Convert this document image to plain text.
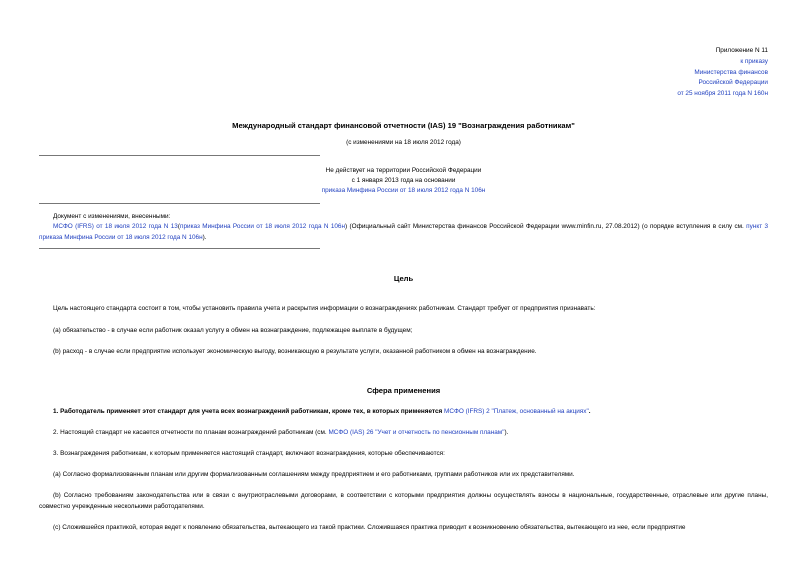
Приложение N 11
к приказу
Министерства финансов
Российской Федерации
от 25 ноября 2011 года N 160н
Международный стандарт финансовой отчетности (IAS) 19 "Вознаграждения работникам"
(с изменениями на 18 июля 2012 года)
Не действует на территории Российской Федерации
с 1 января 2013 года на основании
приказа Минфина России от 18 июля 2012 года N 106н
Документ с изменениями, внесенными:
МСФО (IFRS) от 18 июля 2012 года N 13(приказ Минфина России от 18 июля 2012 года N 106н) (Официальный сайт Министерства финансов Российской Федерации www.minfin.ru, 27.08.2012) (о порядке вступления в силу см. пункт 3 приказа Минфина России от 18 июля 2012 года N 106н).
Цель
Цель настоящего стандарта состоит в том, чтобы установить правила учета и раскрытия информации о вознаграждениях работникам. Стандарт требует от предприятия признавать:
(а) обязательство - в случае если работник оказал услугу в обмен на вознаграждение, подлежащее выплате в будущем;
(b) расход - в случае если предприятие использует экономическую выгоду, возникающую в результате услуги, оказанной работником в обмен на вознаграждение.
Сфера применения
1. Работодатель применяет этот стандарт для учета всех вознаграждений работникам, кроме тех, в которых применяется МСФО (IFRS) 2 "Платеж, основанный на акциях".
2. Настоящий стандарт не касается отчетности по планам вознаграждений работникам (см. МСФО (IAS) 26 "Учет и отчетность по пенсионным планам").
3. Вознаграждения работникам, к которым применяется настоящий стандарт, включают вознаграждения, которые обеспечиваются:
(а) Согласно формализованным планам или другим формализованным соглашениям между предприятием и его работниками, группами работников или их представителями.
(b) Согласно требованиям законодательства или в связи с внутриотраслевыми договорами, в соответствии с которыми предприятия должны осуществлять взносы в национальные, государственные, отраслевые или другие планы, совместно учрежденные несколькими работодателями.
(с) Сложившейся практикой, которая ведет к появлению обязательства, вытекающего из такой практики. Сложившаяся практика приводит к возникновению обязательства, вытекающего из нее, если предприятие
